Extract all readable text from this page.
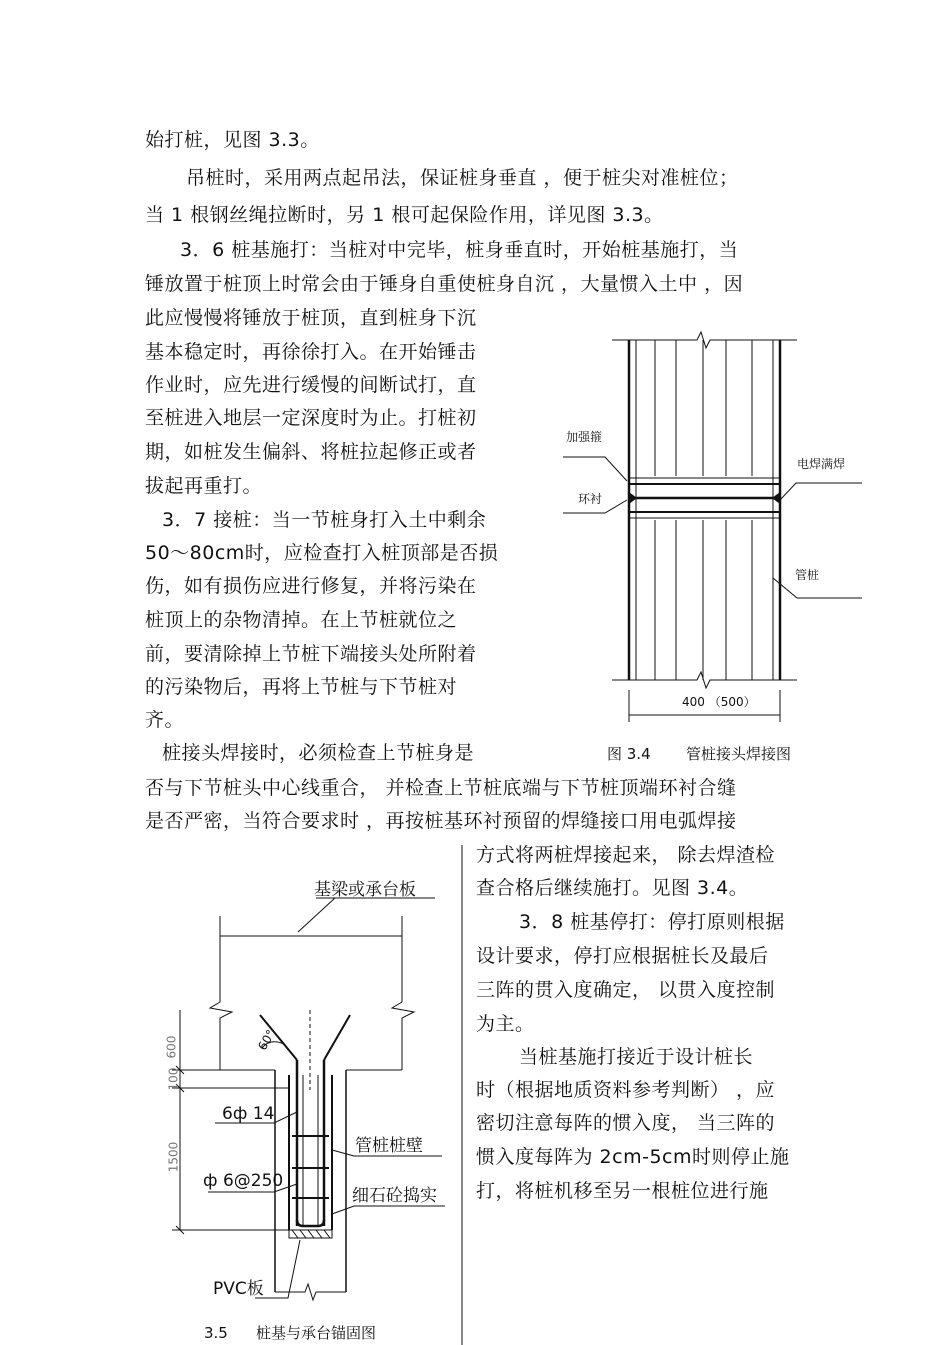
始打桩，见图 3.3。
吊桩时，采用两点起吊法，保证桩身垂直 ，便于桩尖对准桩位；
当 1 根钢丝绳拉断时，另 1 根可起保险作用，详见图 3.3。
3．6 桩基施打：当桩对中完毕，桩身垂直时，开始桩基施打，当
锤放置于桩顶上时常会由于锤身自重使桩身自沉 ，大量惯入土中 ，因
此应慢慢将锤放于桩顶，直到桩身下沉
基本稳定时，再徐徐打入。在开始锤击
作业时，应先进行缓慢的间断试打，直
至桩进入地层一定深度时为止。打桩初
期，如桩发生偏斜、将桩拉起修正或者
拔起再重打。
3．7 接桩：当一节桩身打入土中剩余
50～80cm时，应检查打入桩顶部是否损
伤，如有损伤应进行修复，并将污染在
桩顶上的杂物清掉。在上节桩就位之
前，要清除掉上节桩下端接头处所附着
的污染物后，再将上节桩与下节桩对
齐。
桩接头焊接时，必须检查上节桩身是
否与下节桩头中心线重合， 并检查上节桩底端与下节桩顶端环衬合缝
是否严密，当符合要求时 ，再按桩基环衬预留的焊缝接口用电弧焊接
方式将两桩焊接起来， 除去焊渣检
查合格后继续施打。见图 3.4。
3．8 桩基停打：停打原则根据
设计要求，停打应根据桩长及最后
三阵的贯入度确定， 以贯入度控制
为主。
当桩基施打接近于设计桩长
时（根据地质资料参考判断） ，应
密切注意每阵的惯入度， 当三阵的
惯入度每阵为 2cm-5cm时则停止施
打，将桩机移至另一根桩位进行施
加强箍
环衬
电焊满焊
管桩
400 （500）
图 3.4 管桩接头焊接图
基梁或承台板
60°
6ф 14
管桩桩壁
ф 6@250
细石砼捣实
PVC板
600
100
1500
3.5 桩基与承台锚固图
